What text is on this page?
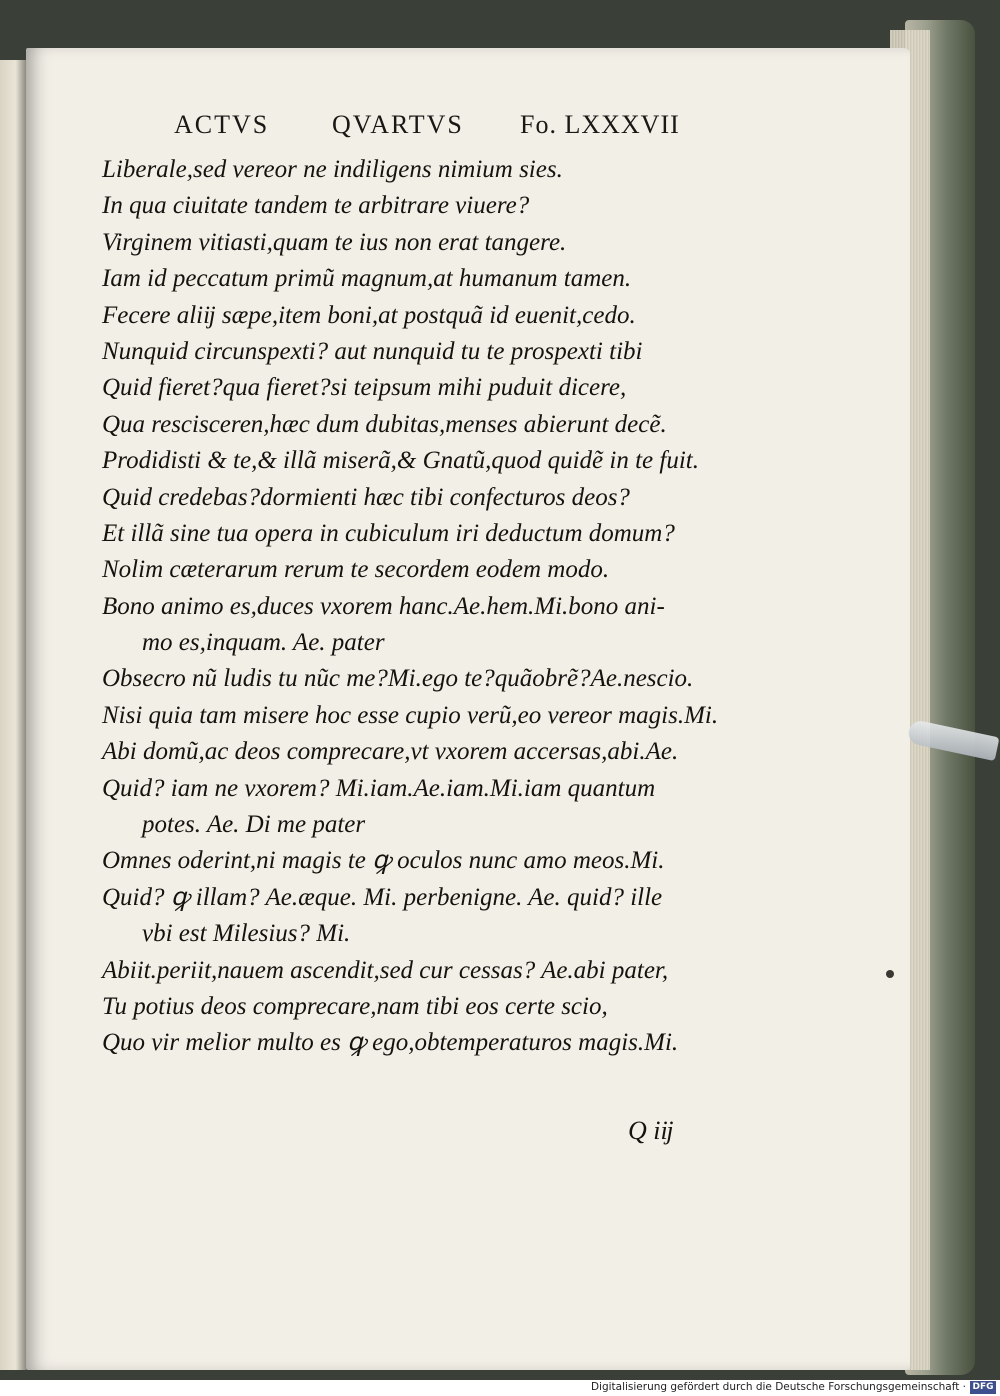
ACTVS QVARTVS Fo. LXXXVII
Liberale,sed vereor ne indiligens nimium sies.
In qua ciuitate tandem te arbitrare viuere?
Virginem vitiasti,quam te ius non erat tangere.
Iam id peccatum primũ magnum,at humanum tamen.
Fecere aliĳ sæpe,item boni,at postquã id euenit,cedo.
Nunquid circunspexti? aut nunquid tu te prospexti tibi
Quid fieret?qua fieret?si teipsum mihi puduit dicere,
Qua rescisceren,hæc dum dubitas,menses abierunt decẽ.
Prodidisti & te,& illã miserã,& Gnatũ,quod quidẽ in te fuit.
Quid credebas?dormienti hæc tibi confecturos deos?
Et illã sine tua opera in cubiculum iri deductum domum?
Nolim cæterarum rerum te secordem eodem modo.
Bono animo es,duces vxorem hanc.Ae.hem.Mi.bono ani-
mo es,inquam. Ae. pater
Obsecro nũ ludis tu nũc me?Mi.ego te?quãobrẽ?Ae.nescio.
Nisi quia tam misere hoc esse cupio verũ,eo vereor magis.Mi.
Abi domũ,ac deos comprecare,vt vxorem accersas,abi.Ae.
Quid? iam ne vxorem? Mi.iam.Ae.iam.Mi.iam quantum
potes. Ae. Di me pater
Omnes oderint,ni magis te ꝙ oculos nunc amo meos.Mi.
Quid? ꝙ illam? Ae.æque. Mi. perbenigne. Ae. quid? ille
vbi est Milesius? Mi.
Abiit.periit,nauem ascendit,sed cur cessas? Ae.abi pater,
Tu potius deos comprecare,nam tibi eos certe scio,
Quo vir melior multo es ꝙ ego,obtemperaturos magis.Mi.
Q iĳ
Digitalisierung gefördert durch die Deutsche Forschungsgemeinschaft · DFG
